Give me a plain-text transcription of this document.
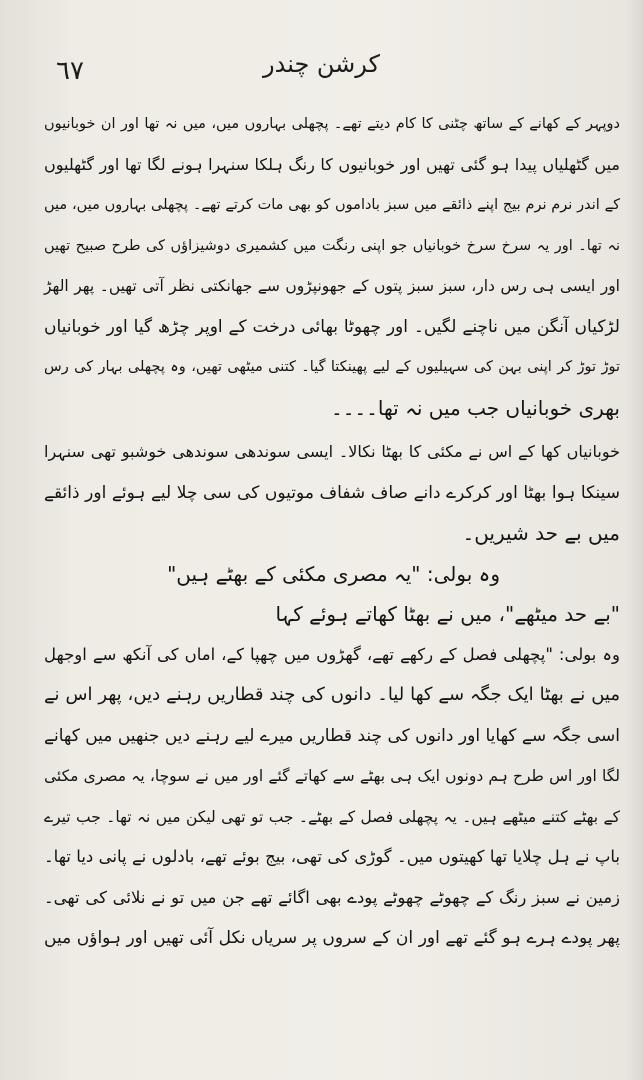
٦٧	کرشن چندر
دوپہر کے کھانے کے ساتھ چٹنی کا کام دیتے تھے۔ پچھلی بہاروں میں، میں نہ تھا اور ان خوبانیوں
میں گٹھلیاں پیدا ہو گئی تھیں اور خوبانیوں کا رنگ ہلکا سنہرا ہونے لگا تھا اور گٹھلیوں
کے اندر نرم نرم بیج اپنے ذائقے میں سبز باداموں کو بھی مات کرتے تھے۔ پچھلی بہاروں میں، میں
نہ تھا۔ اور یہ سرخ سرخ خوبانیاں جو اپنی رنگت میں کشمیری دوشیزاؤں کی طرح صبیح تھیں
اور ایسی ہی رس دار، سبز سبز پتوں کے جھونپڑوں سے جھانکتی نظر آتی تھیں۔ پھر الھڑ
لڑکیاں آنگن میں ناچنے لگیں۔ اور چھوٹا بھائی درخت کے اوپر چڑھ گیا اور خوبانیاں
توڑ توڑ کر اپنی بہن کی سہیلیوں کے لیے پھینکتا گیا۔ کتنی میٹھی تھیں، وہ پچھلی بہار کی رس
بھری خوبانیاں جب میں نہ تھا۔۔۔۔
خوبانیاں کھا کے اس نے مکئی کا بھٹا نکالا۔ ایسی سوندھی سوندھی خوشبو تھی سنہرا
سینکا ہوا بھٹا اور کرکرے دانے صاف شفاف موتیوں کی سی چلا لیے ہوئے اور ذائقے
میں بے حد شیریں۔
وہ بولی: "یہ مصری مکئی کے بھٹے ہیں"
"بے حد میٹھے"، میں نے بھٹا کھاتے ہوئے کہا
وہ بولی: "پچھلی فصل کے رکھے تھے، گھڑوں میں چھپا کے، اماں کی آنکھ سے اوجھل
میں نے بھٹا ایک جگہ سے کھا لیا۔ دانوں کی چند قطاریں رہنے دیں، پھر اس نے
اسی جگہ سے کھایا اور دانوں کی چند قطاریں میرے لیے رہنے دیں جنھیں میں کھانے
لگا اور اس طرح ہم دونوں ایک ہی بھٹے سے کھاتے گئے اور میں نے سوچا، یہ مصری مکئی
کے بھٹے کتنے میٹھے ہیں۔ یہ پچھلی فصل کے بھٹے۔ جب تو تھی لیکن میں نہ تھا۔ جب تیرے
باپ نے ہل چلایا تھا کھیتوں میں۔ گوڑی کی تھی، بیج بوئے تھے، بادلوں نے پانی دیا تھا۔
زمین نے سبز رنگ کے چھوٹے چھوٹے پودے بھی اگائے تھے جن میں تو نے نلائی کی تھی۔
پھر پودے ہرے ہو گئے تھے اور ان کے سروں پر سریاں نکل آئی تھیں اور ہواؤں میں
